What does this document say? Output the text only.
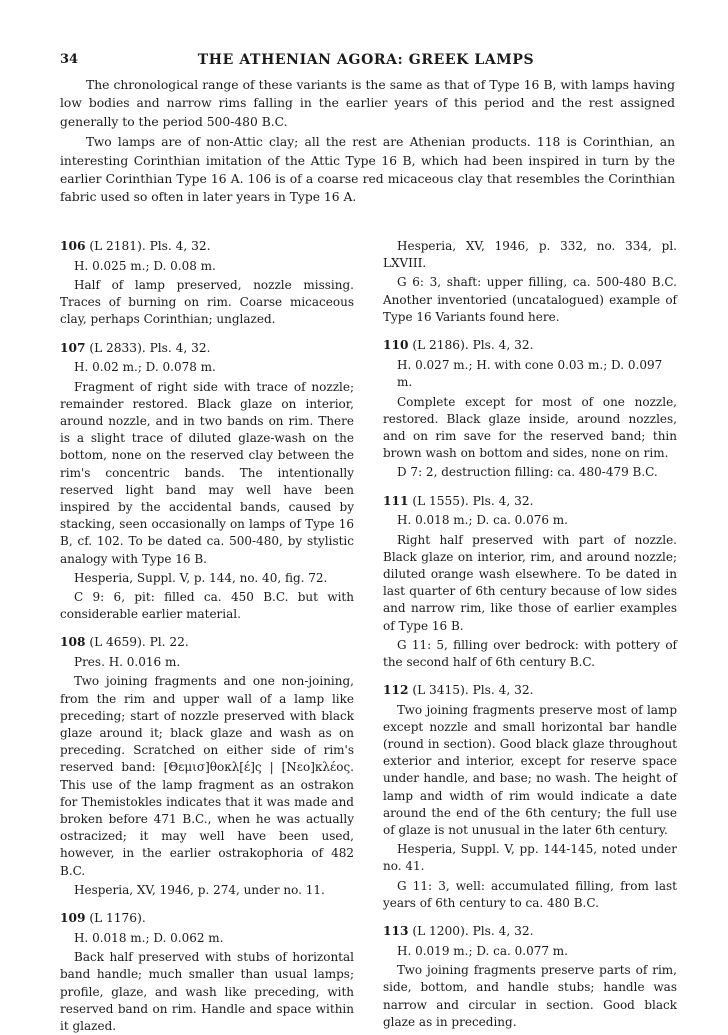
34	THE ATHENIAN AGORA: GREEK LAMPS

The chronological range of these variants is the same as that of Type 16 B, with lamps having low bodies and narrow rims falling in the earlier years of this period and the rest assigned generally to the period 500-480 B.C.

Two lamps are of non-Attic clay; all the rest are Athenian products. 118 is Corinthian, an interesting Corinthian imitation of the Attic Type 16 B, which had been inspired in turn by the earlier Corinthian Type 16 A. 106 is of a coarse red micaceous clay that resembles the Corinthian fabric used so often in later years in Type 16 A.

106 (L 2181). Pls. 4, 32.

H. 0.025 m.; D. 0.08 m.

Half of lamp preserved, nozzle missing. Traces of burning on rim. Coarse micaceous clay, perhaps Corinthian; unglazed.

107 (L 2833). Pls. 4, 32.

H. 0.02 m.; D. 0.078 m.

Fragment of right side with trace of nozzle; remainder restored. Black glaze on interior, around nozzle, and in two bands on rim. There is a slight trace of diluted glaze-wash on the bottom, none on the reserved clay between the rim's concentric bands. The intentionally reserved light band may well have been inspired by the accidental bands, caused by stacking, seen occasionally on lamps of Type 16 B, cf. 102. To be dated ca. 500-480, by stylistic analogy with Type 16 B.

Hesperia, Suppl. V, p. 144, no. 40, fig. 72.

C 9: 6, pit: filled ca. 450 B.C. but with considerable earlier material.

108 (L 4659). Pl. 22.

Pres. H. 0.016 m.

Two joining fragments and one non-joining, from the rim and upper wall of a lamp like preceding; start of nozzle preserved with black glaze around it; black glaze and wash as on preceding. Scratched on either side of rim's reserved band: [Θεμισ]θοκλ[έ]ς | [Νεο]κλέος. This use of the lamp fragment as an ostrakon for Themistokles indicates that it was made and broken before 471 B.C., when he was actually ostracized; it may well have been used, however, in the earlier ostrakophoria of 482 B.C.

Hesperia, XV, 1946, p. 274, under no. 11.

109 (L 1176).

H. 0.018 m.; D. 0.062 m.

Back half preserved with stubs of horizontal band handle; much smaller than usual lamps; profile, glaze, and wash like preceding, with reserved band on rim. Handle and space within it glazed.

Hesperia, XV, 1946, p. 332, no. 334, pl. LXVIII.

G 6: 3, shaft: upper filling, ca. 500-480 B.C. Another inventoried (uncatalogued) example of Type 16 Variants found here.

110 (L 2186). Pls. 4, 32.

H. 0.027 m.; H. with cone 0.03 m.; D. 0.097 m.

Complete except for most of one nozzle, restored. Black glaze inside, around nozzles, and on rim save for the reserved band; thin brown wash on bottom and sides, none on rim.

D 7: 2, destruction filling: ca. 480-479 B.C.

111 (L 1555). Pls. 4, 32.

H. 0.018 m.; D. ca. 0.076 m.

Right half preserved with part of nozzle. Black glaze on interior, rim, and around nozzle; diluted orange wash elsewhere. To be dated in last quarter of 6th century because of low sides and narrow rim, like those of earlier examples of Type 16 B.

G 11: 5, filling over bedrock: with pottery of the second half of 6th century B.C.

112 (L 3415). Pls. 4, 32.

Two joining fragments preserve most of lamp except nozzle and small horizontal bar handle (round in section). Good black glaze throughout exterior and interior, except for reserve space under handle, and base; no wash. The height of lamp and width of rim would indicate a date around the end of the 6th century; the full use of glaze is not unusual in the later 6th century.

Hesperia, Suppl. V, pp. 144-145, noted under no. 41.

G 11: 3, well: accumulated filling, from last years of 6th century to ca. 480 B.C.

113 (L 1200). Pls. 4, 32.

H. 0.019 m.; D. ca. 0.077 m.

Two joining fragments preserve parts of rim, side, bottom, and handle stubs; handle was narrow and circular in section. Good black glaze as in preceding.
